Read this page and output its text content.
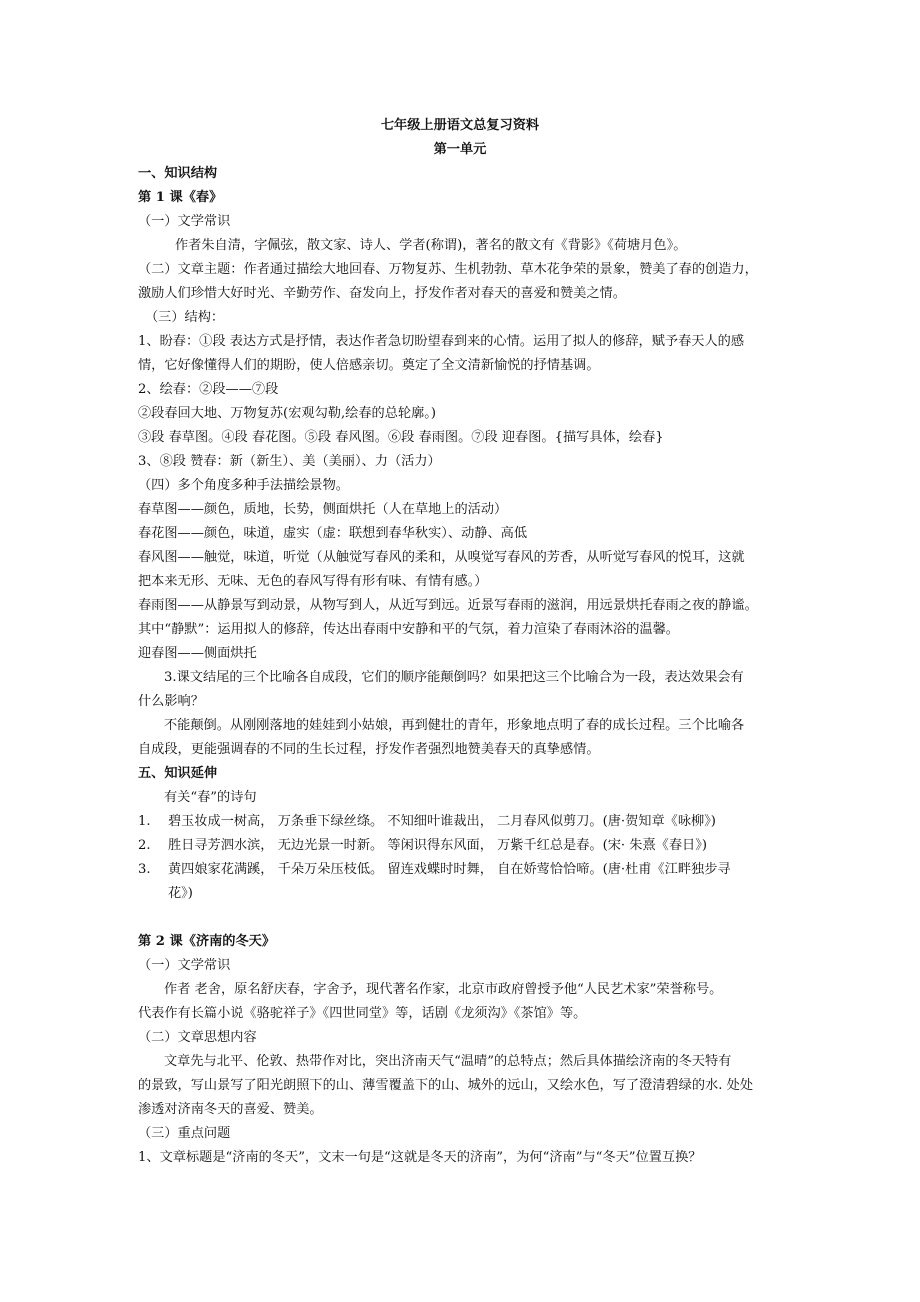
七年级上册语文总复习资料
第一单元
一、知识结构
第 1 课《春》
（一）文学常识
作者朱自清，字佩弦，散文家、诗人、学者(称谓)，著名的散文有《背影》《荷塘月色》。
（二）文章主题：作者通过描绘大地回春、万物复苏、生机勃勃、草木花争荣的景象，赞美了春的创造力，
激励人们珍惜大好时光、辛勤劳作、奋发向上，抒发作者对春天的喜爱和赞美之情。
（三）结构：
1、盼春：①段 表达方式是抒情，表达作者急切盼望春到来的心情。运用了拟人的修辞，赋予春天人的感
情，它好像懂得人们的期盼，使人倍感亲切。奠定了全文清新愉悦的抒情基调。
2、绘春：②段——⑦段
②段春回大地、万物复苏(宏观勾勒,绘春的总轮廓。)
③段 春草图。④段 春花图。⑤段 春风图。⑥段 春雨图。⑦段 迎春图。{描写具体，绘春}
3、⑧段 赞春：新（新生）、美（美丽）、力（活力）
（四）多个角度多种手法描绘景物。
春草图——颜色，质地，长势，侧面烘托（人在草地上的活动）
春花图——颜色，味道，虚实（虚：联想到春华秋实）、动静、高低
春风图——触觉，味道，听觉（从触觉写春风的柔和，从嗅觉写春风的芳香，从听觉写春风的悦耳，这就
把本来无形、无味、无色的春风写得有形有味、有情有感。）
春雨图——从静景写到动景，从物写到人，从近写到远。近景写春雨的滋润，用远景烘托春雨之夜的静谧。
其中“静默”：运用拟人的修辞，传达出春雨中安静和平的气氛，着力渲染了春雨沐浴的温馨。
迎春图——侧面烘托
3.课文结尾的三个比喻各自成段，它们的顺序能颠倒吗？如果把这三个比喻合为一段，表达效果会有
什么影响？
不能颠倒。从刚刚落地的娃娃到小姑娘，再到健壮的青年，形象地点明了春的成长过程。三个比喻各
自成段，更能强调春的不同的生长过程，抒发作者强烈地赞美春天的真挚感情。
五、知识延伸
有关“春”的诗句
1. 碧玉妆成一树高， 万条垂下绿丝绦。 不知细叶谁裁出， 二月春风似剪刀。(唐·贺知章《咏柳》)
2. 胜日寻芳泗水滨， 无边光景一时新。 等闲识得东风面， 万紫千红总是春。(宋· 朱熹《春日》)
3. 黄四娘家花满蹊， 千朵万朵压枝低。 留连戏蝶时时舞， 自在娇莺恰恰啼。(唐·杜甫《江畔独步寻
花》)
第 2 课《济南的冬天》
（一）文学常识
作者 老舍，原名舒庆春，字舍予，现代著名作家，北京市政府曾授予他“人民艺术家”荣誉称号。
代表作有长篇小说《骆驼祥子》《四世同堂》等，话剧《龙须沟》《茶馆》等。
（二）文章思想内容
文章先与北平、伦敦、热带作对比，突出济南天气“温晴”的总特点；然后具体描绘济南的冬天特有
的景致，写山景写了阳光朗照下的山、薄雪覆盖下的山、城外的远山，又绘水色，写了澄清碧绿的水. 处处
渗透对济南冬天的喜爱、赞美。
（三）重点问题
1、文章标题是“济南的冬天”，文末一句是“这就是冬天的济南”，为何“济南”与“冬天”位置互换？
